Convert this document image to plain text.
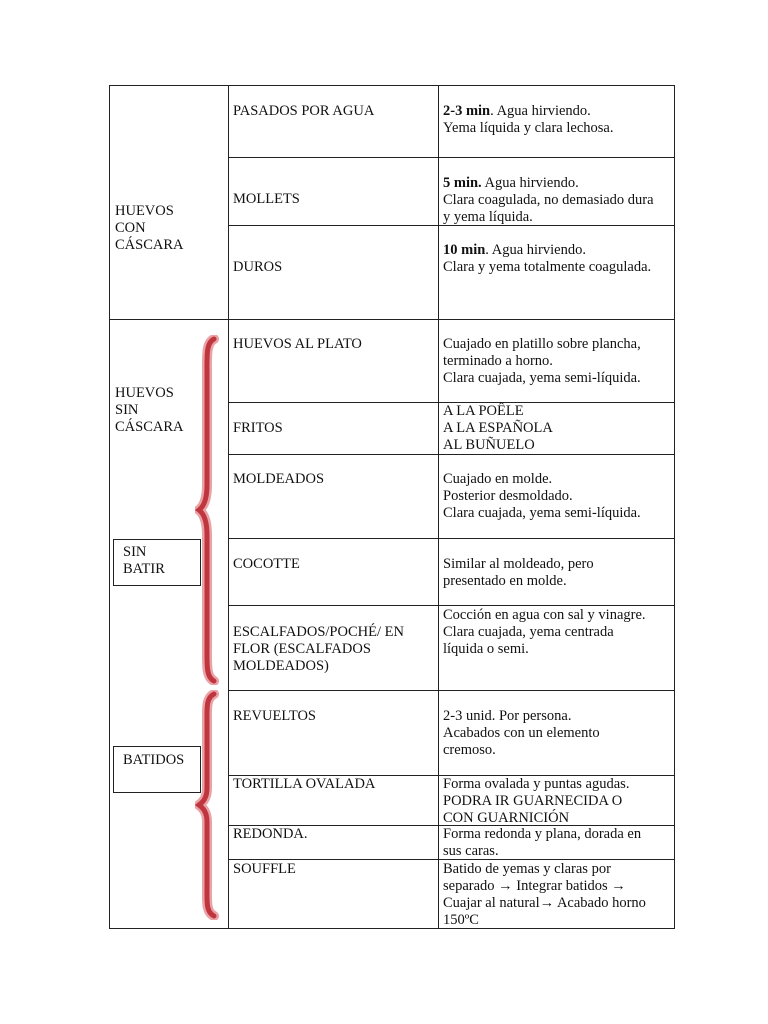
HUEVOS
CON
CÁSCARA
HUEVOS
SIN
CÁSCARA
SIN
BATIR
BATIDOS
PASADOS POR AGUA
MOLLETS
DUROS
HUEVOS AL PLATO
FRITOS
MOLDEADOS
COCOTTE
ESCALFADOS/POCHÉ/ EN
FLOR (ESCALFADOS
MOLDEADOS)
REVUELTOS
TORTILLA OVALADA
REDONDA.
SOUFFLE
2-3 min. Agua hirviendo.
Yema líquida y clara lechosa.
5 min. Agua hirviendo.
Clara coagulada, no demasiado dura
y yema líquida.
10 min. Agua hirviendo.
Clara y yema totalmente coagulada.
Cuajado en platillo sobre plancha,
terminado a horno.
Clara cuajada, yema semi-líquida.
A LA POÊLE
A LA ESPAÑOLA
AL BUÑUELO
Cuajado en molde.
Posterior desmoldado.
Clara cuajada, yema semi-líquida.
Similar al moldeado, pero
presentado en molde.
Cocción en agua con sal y vinagre.
Clara cuajada, yema centrada
líquida o semi.
2-3 unid. Por persona.
Acabados con un elemento
cremoso.
Forma ovalada y puntas agudas.
PODRA IR GUARNECIDA O
CON GUARNICIÓN
Forma redonda y plana, dorada en
sus caras.
Batido de yemas y claras por
separado → Integrar batidos →
Cuajar al natural→ Acabado horno
150ºC
